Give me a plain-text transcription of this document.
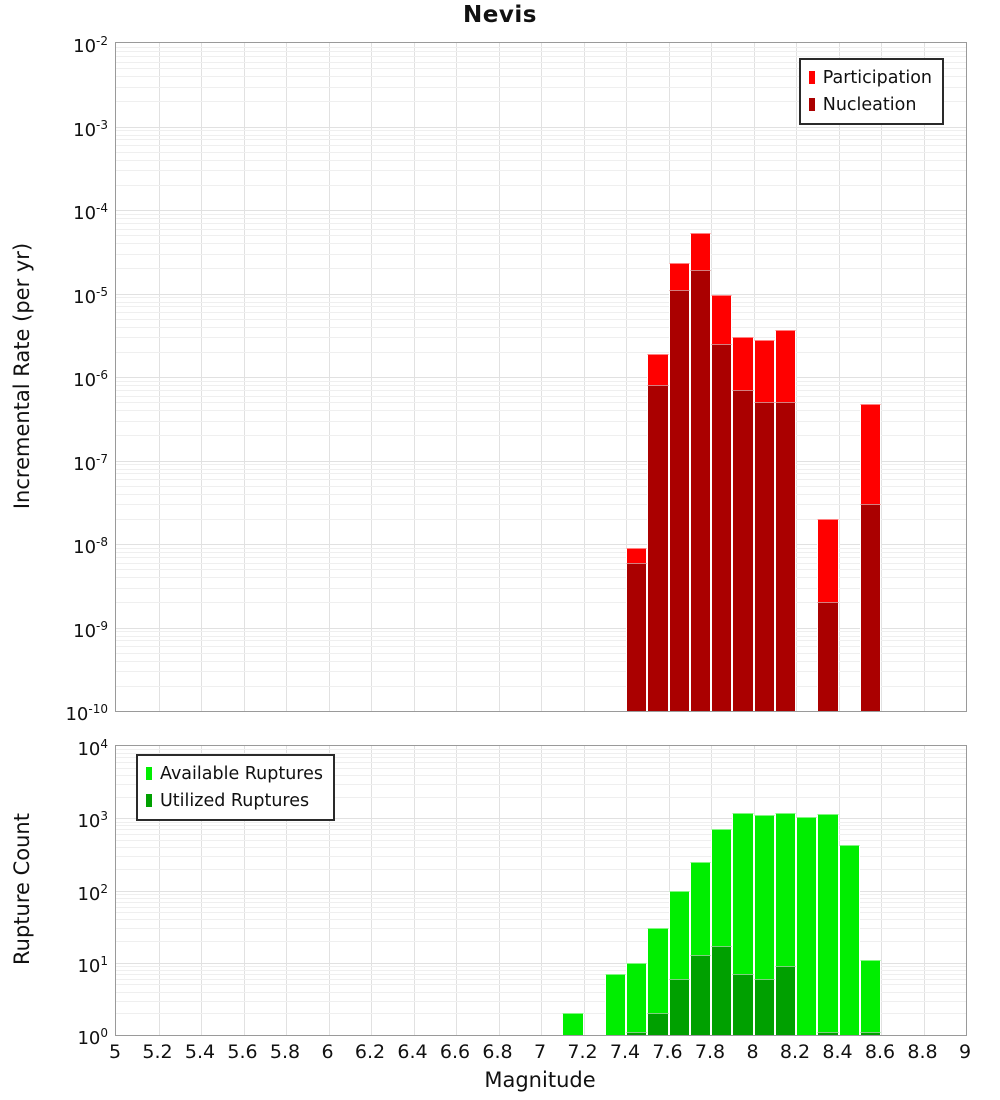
Nevis
Participation
Nucleation
Available Ruptures
Utilized Ruptures
Incremental Rate (per yr)
Rupture Count
Magnitude
$10^{-2}$
$10^{-3}$
$10^{-4}$
$10^{-5}$
$10^{-6}$
$10^{-7}$
$10^{-8}$
$10^{-9}$
$10^{-10}$
$10^4$
$10^3$
$10^2$
$10^1$
$10^0$
5	5.2 5.4 5.6 5.8	6	6.2 6.4 6.6 6.8	7	7.2 7.4 7.6 7.8	8	8.2 8.4 8.6 8.8	9
